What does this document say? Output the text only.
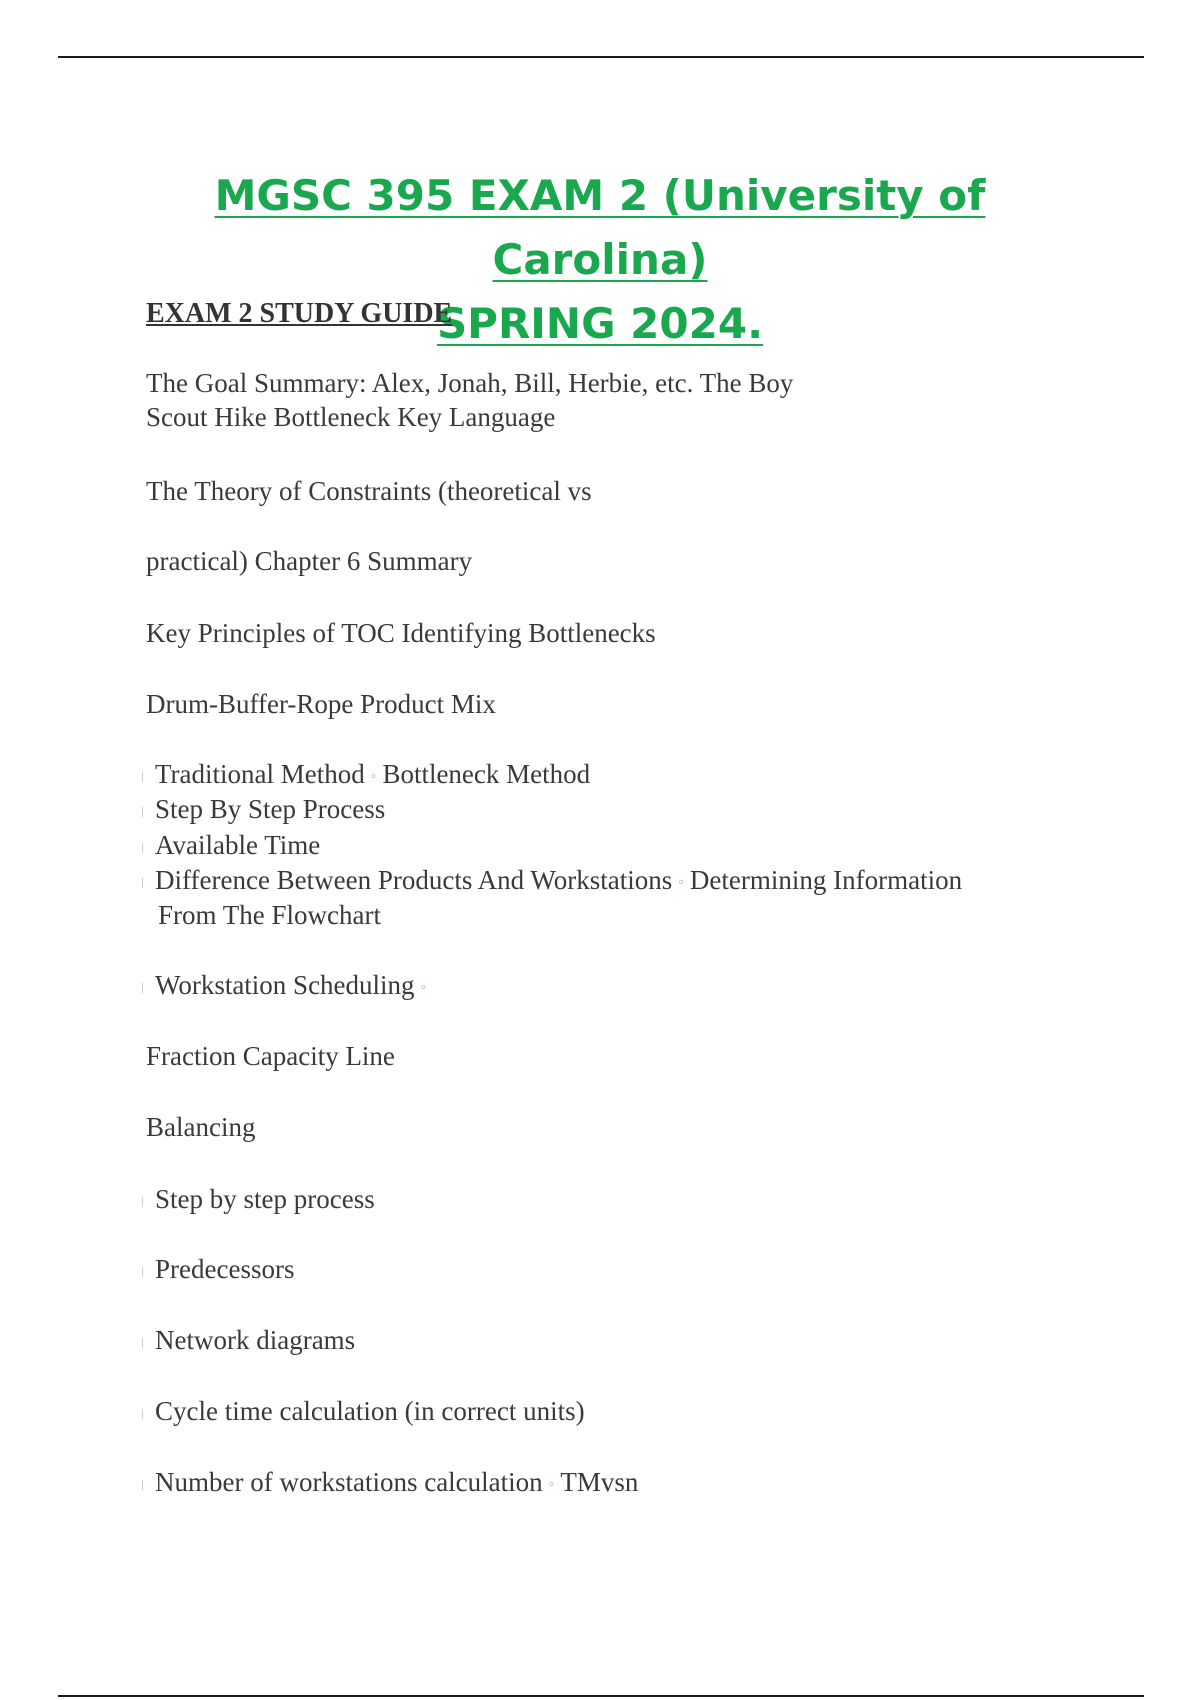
MGSC 395 EXAM 2 (University of Carolina)
SPRING 2024.

EXAM 2 STUDY GUIDE

The Goal Summary: Alex, Jonah, Bill, Herbie, etc. The Boy

Scout Hike Bottleneck Key Language

The Theory of Constraints (theoretical vs

practical) Chapter 6 Summary

Key Principles of TOC Identifying Bottlenecks

Drum-Buffer-Rope Product Mix

Traditional Method ◦ Bottleneck Method

Step By Step Process

Available Time

Difference Between Products And Workstations ◦ Determining Information

From The Flowchart

Workstation Scheduling ◦

Fraction Capacity Line

Balancing

Step by step process

Predecessors

Network diagrams

Cycle time calculation (in correct units)

Number of workstations calculation ◦ TMvsn
